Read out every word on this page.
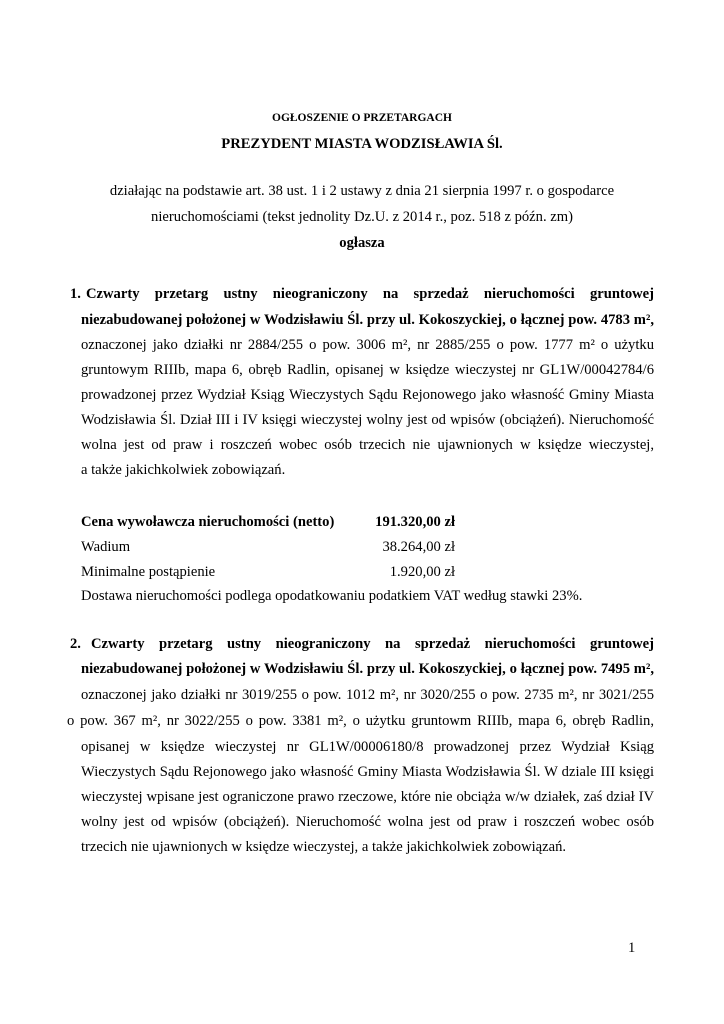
OGŁOSZENIE O PRZETARGACH
PREZYDENT MIASTA WODZISŁAWIA Śl.
działając na podstawie art. 38 ust. 1 i 2 ustawy z dnia 21 sierpnia 1997 r. o gospodarce
nieruchomościami (tekst jednolity Dz.U. z 2014 r., poz. 518 z późn. zm)
ogłasza
1. Czwarty przetarg ustny nieograniczony na sprzedaż nieruchomości gruntowej
niezabudowanej położonej w Wodzisławiu Śl. przy ul. Kokoszyckiej, o łącznej pow. 4783 m²,
oznaczonej jako działki nr 2884/255 o pow. 3006 m², nr 2885/255 o pow. 1777 m² o użytku
gruntowym RIIIb, mapa 6, obręb Radlin, opisanej w księdze wieczystej nr GL1W/00042784/6
prowadzonej przez Wydział Ksiąg Wieczystych Sądu Rejonowego jako własność Gminy Miasta
Wodzisławia Śl. Dział III i IV księgi wieczystej wolny jest od wpisów (obciążeń). Nieruchomość
wolna jest od praw i roszczeń wobec osób trzecich nie ujawnionych w księdze wieczystej,
a także jakichkolwiek zobowiązań.
Cena wywoławcza nieruchomości (netto)	191.320,00 zł
Wadium	38.264,00 zł
Minimalne postąpienie	1.920,00 zł
Dostawa nieruchomości podlega opodatkowaniu podatkiem VAT według stawki 23%.
2. Czwarty przetarg ustny nieograniczony na sprzedaż nieruchomości gruntowej
niezabudowanej położonej w Wodzisławiu Śl. przy ul. Kokoszyckiej, o łącznej pow. 7495 m²,
oznaczonej jako działki nr 3019/255 o pow. 1012 m², nr 3020/255 o pow. 2735 m², nr 3021/255
o pow. 367 m², nr 3022/255 o pow. 3381 m², o użytku gruntowm RIIIb, mapa 6, obręb Radlin,
opisanej w księdze wieczystej nr GL1W/00006180/8 prowadzonej przez Wydział Ksiąg
Wieczystych Sądu Rejonowego jako własność Gminy Miasta Wodzisławia Śl. W dziale III księgi
wieczystej wpisane jest ograniczone prawo rzeczowe, które nie obciąża w/w działek, zaś dział IV
wolny jest od wpisów (obciążeń). Nieruchomość wolna jest od praw i roszczeń wobec osób
trzecich nie ujawnionych w księdze wieczystej, a także jakichkolwiek zobowiązań.
1
